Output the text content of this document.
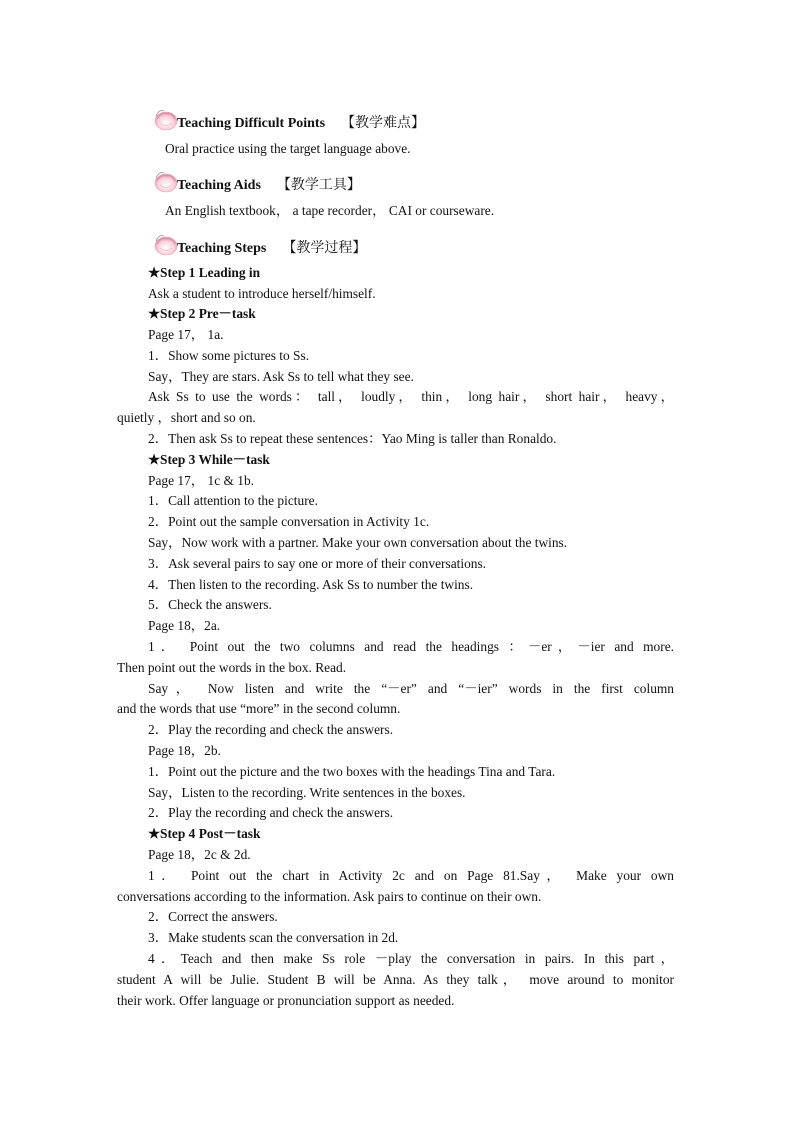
Teaching Difficult Points 【教学难点】
Oral practice using the target language above.
Teaching Aids 【教学工具】
An English textbook， a tape recorder， CAI or courseware.
Teaching Steps 【教学过程】
★Step 1 Leading in
Ask a student to introduce herself/himself.
★Step 2 Pre－task
Page 17， 1a.
1．Show some pictures to Ss.
Say，They are stars. Ask Ss to tell what they see.
Ask Ss to use the words： tall， loudly， thin， long hair， short hair， heavy，
quietly ，short and so on.
2．Then ask Ss to repeat these sentences：Yao Ming is taller than Ronaldo.
★Step 3 While－task
Page 17， 1c & 1b.
1．Call attention to the picture.
2．Point out the sample conversation in Activity 1c.
Say，Now work with a partner. Make your own conversation about the twins.
3．Ask several pairs to say one or more of their conversations.
4．Then listen to the recording. Ask Ss to number the twins.
5．Check the answers.
Page 18，2a.
1． Point out the two columns and read the headings ：－er，－ier and more.
Then point out the words in the box. Read.
Say， Now listen and write the “－er” and “－ier” words in the first column
and the words that use “more” in the second column.
2．Play the recording and check the answers.
Page 18，2b.
1．Point out the picture and the two boxes with the headings Tina and Tara.
Say，Listen to the recording. Write sentences in the boxes.
2．Play the recording and check the answers.
★Step 4 Post－task
Page 18，2c & 2d.
1． Point out the chart in Activity 2c and on Page 81.Say， Make your own
conversations according to the information. Ask pairs to continue on their own.
2．Correct the answers.
3．Make students scan the conversation in 2d.
4．Teach and then make Ss role －play the conversation in pairs. In this part，
student A will be Julie. Student B will be Anna. As they talk， move around to monitor
their work. Offer language or pronunciation support as needed.
